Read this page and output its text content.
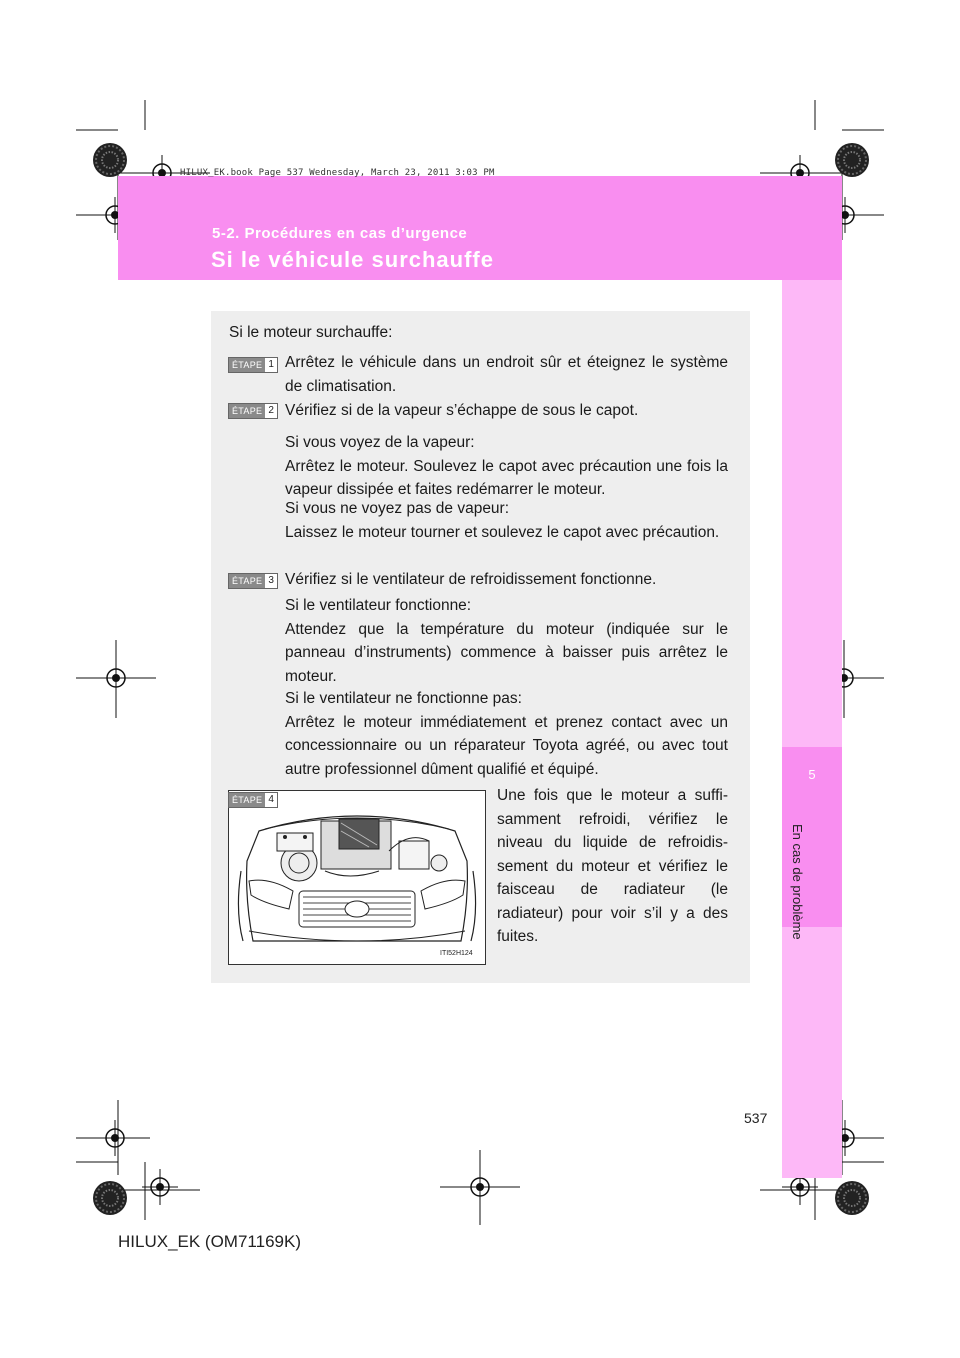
HILUX_EK.book Page 537 Wednesday, March 23, 2011 3:03 PM
5-2. Procédures en cas d’urgence
Si le véhicule surchauffe
5
En cas de problème
Si le moteur surchauffe:
ÉTAPE 1 Arrêtez le véhicule dans un endroit sûr et éteignez le système de climatisation.
ÉTAPE 2 Vérifiez si de la vapeur s’échappe de sous le capot.

Si vous voyez de la vapeur:

Arrêtez le moteur. Soulevez le capot avec précaution une fois la vapeur dissipée et faites redémarrer le moteur.

Si vous ne voyez pas de vapeur:

Laissez le moteur tourner et soulevez le capot avec précaution.

ÉTAPE 3 Vérifiez si le ventilateur de refroidissement fonctionne.

Si le ventilateur fonctionne:

Attendez que la température du moteur (indiquée sur le panneau d’instruments) commence à baisser puis arrêtez le moteur.

Si le ventilateur ne fonctionne pas:

Arrêtez le moteur immédiatement et prenez contact avec un concessionnaire ou un réparateur Toyota agréé, ou avec tout autre professionnel dûment qualifié et équipé.

ÉTAPE 4
ITI52H124
Une fois que le moteur a suffisamment refroidi, vérifiez le niveau du liquide de refroidissement du moteur et vérifiez le faisceau de radiateur (le radiateur) pour voir s’il y a des fuites.
537
HILUX_EK (OM71169K)
